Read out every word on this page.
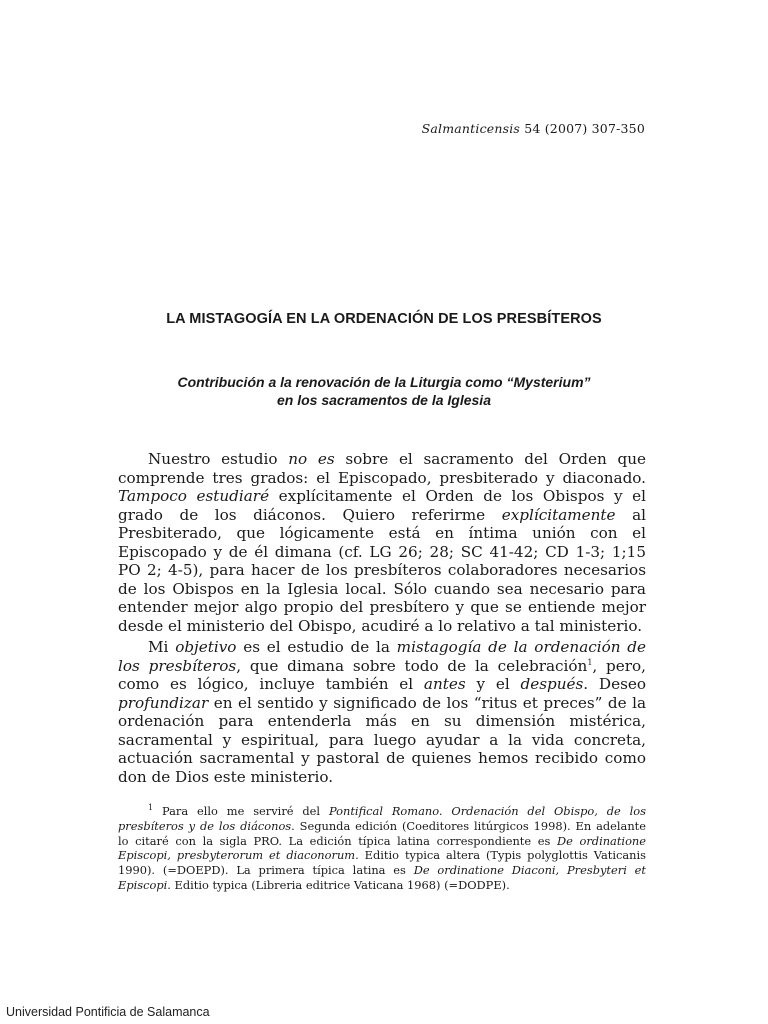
Salmanticensis 54 (2007) 307-350
LA MISTAGOGÍA EN LA ORDENACIÓN DE LOS PRESBÍTEROS
Contribución a la renovación de la Liturgia como “Mysterium”
en los sacramentos de la Iglesia

Nuestro estudio no es sobre el sacramento del Orden que comprende tres grados: el Episcopado, presbiterado y diaconado. Tampoco estudiaré explícitamente el Orden de los Obispos y el grado de los diáconos. Quiero referirme explícitamente al Presbiterado, que lógicamente está en íntima unión con el Episcopado y de él dimana (cf. LG 26; 28; SC 41-42; CD 1-3; 1;15 PO 2; 4-5), para hacer de los presbíteros colaboradores necesarios de los Obispos en la Iglesia local. Sólo cuando sea necesario para entender mejor algo propio del presbítero y que se entiende mejor desde el ministerio del Obispo, acudiré a lo relativo a tal ministerio.

Mi objetivo es el estudio de la mistagogía de la ordenación de los presbíteros, que dimana sobre todo de la celebración$^1$, pero, como es lógico, incluye también el antes y el después. Deseo profundizar en el sentido y significado de los “ritus et preces” de la ordenación para entenderla más en su dimensión mistérica, sacramental y espiritual, para luego ayudar a la vida concreta, actuación sacramental y pastoral de quienes hemos recibido como don de Dios este ministerio.

$^1$ Para ello me serviré del Pontifical Romano. Ordenación del Obispo, de los presbíteros y de los diáconos. Segunda edición (Coeditores litúrgicos 1998). En adelante lo citaré con la sigla PRO. La edición típica latina correspondiente es De ordinatione Episcopi, presbyterorum et diaconorum. Editio typica altera (Typis polyglottis Vaticanis 1990). (=DOEPD). La primera típica latina es De ordinatione Diaconi, Presbyteri et Episcopi. Editio typica (Libreria editrice Vaticana 1968) (=DODPE).

Universidad Pontificia de Salamanca
